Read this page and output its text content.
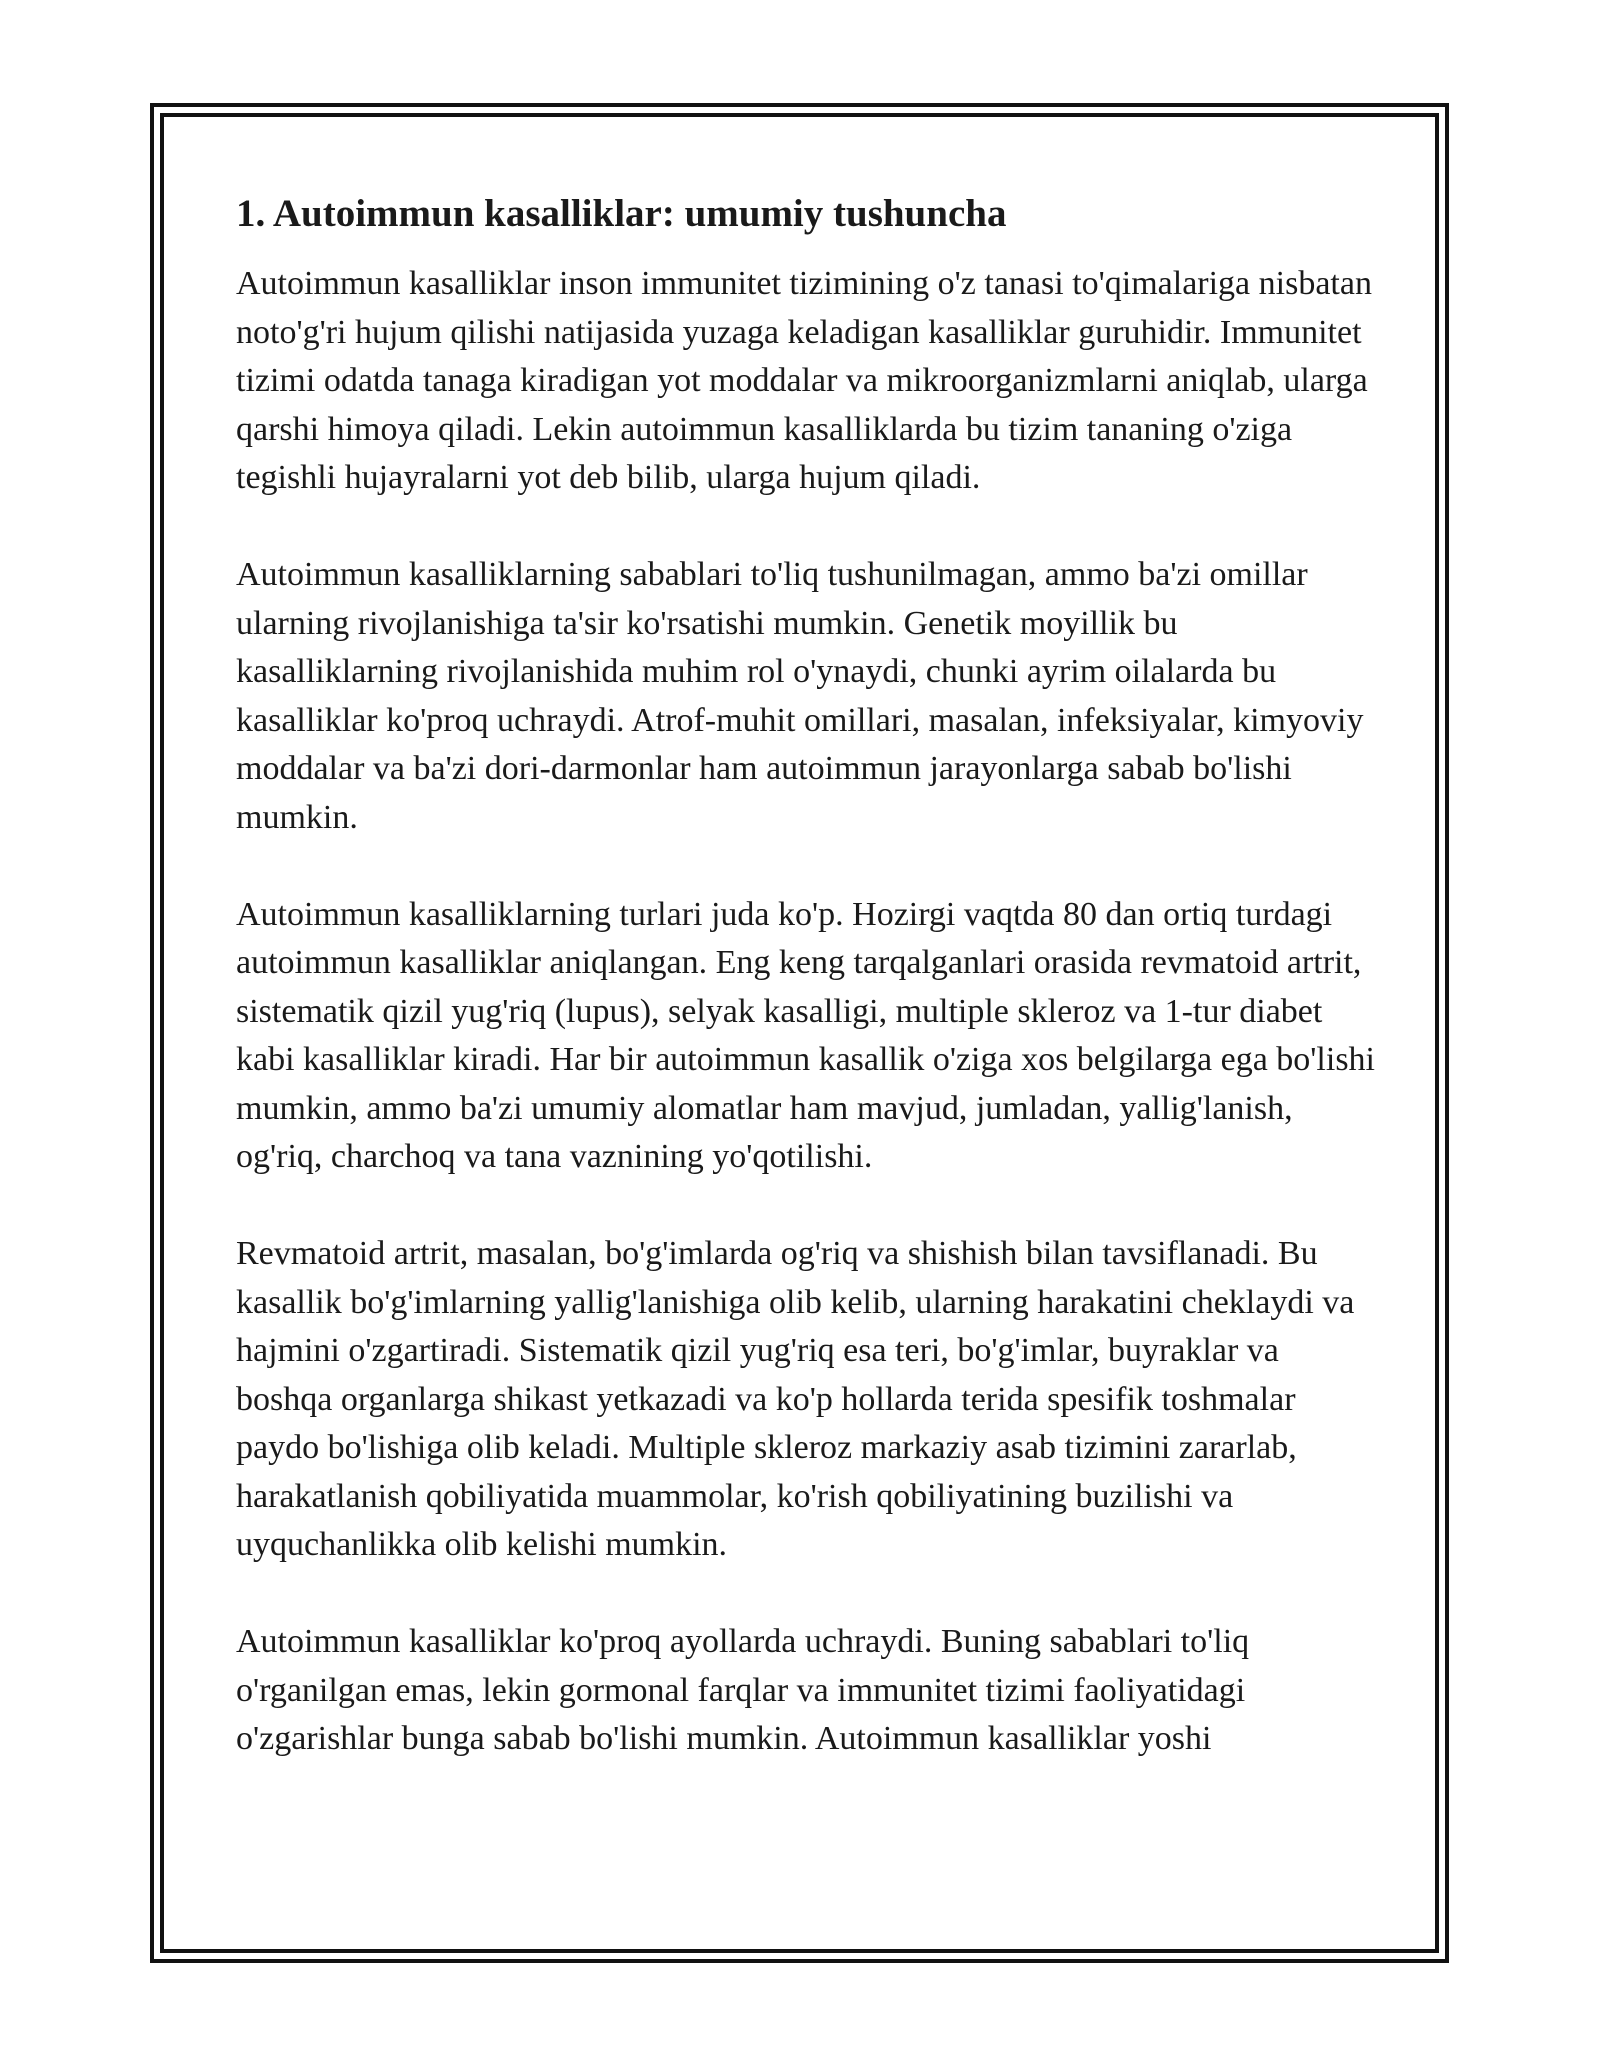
1. Autoimmun kasalliklar: umumiy tushuncha

Autoimmun kasalliklar inson immunitet tizimining o'z tanasi to'qimalariga nisbatan noto'g'ri hujum qilishi natijasida yuzaga keladigan kasalliklar guruhidir. Immunitet tizimi odatda tanaga kiradigan yot moddalar va mikroorganizmlarni aniqlab, ularga qarshi himoya qiladi. Lekin autoimmun kasalliklarda bu tizim tananing o'ziga tegishli hujayralarni yot deb bilib, ularga hujum qiladi.

Autoimmun kasalliklarning sabablari to'liq tushunilmagan, ammo ba'zi omillar ularning rivojlanishiga ta'sir ko'rsatishi mumkin. Genetik moyillik bu kasalliklarning rivojlanishida muhim rol o'ynaydi, chunki ayrim oilalarda bu kasalliklar ko'proq uchraydi. Atrof-muhit omillari, masalan, infeksiyalar, kimyoviy moddalar va ba'zi dori-darmonlar ham autoimmun jarayonlarga sabab bo'lishi mumkin.

Autoimmun kasalliklarning turlari juda ko'p. Hozirgi vaqtda 80 dan ortiq turdagi autoimmun kasalliklar aniqlangan. Eng keng tarqalganlari orasida revmatoid artrit, sistematik qizil yug'riq (lupus), selyak kasalligi, multiple skleroz va 1-tur diabet kabi kasalliklar kiradi. Har bir autoimmun kasallik o'ziga xos belgilarga ega bo'lishi mumkin, ammo ba'zi umumiy alomatlar ham mavjud, jumladan, yallig'lanish, og'riq, charchoq va tana vaznining yo'qotilishi.

Revmatoid artrit, masalan, bo'g'imlarda og'riq va shishish bilan tavsiflanadi. Bu kasallik bo'g'imlarning yallig'lanishiga olib kelib, ularning harakatini cheklaydi va hajmini o'zgartiradi. Sistematik qizil yug'riq esa teri, bo'g'imlar, buyraklar va boshqa organlarga shikast yetkazadi va ko'p hollarda terida spesifik toshmalar paydo bo'lishiga olib keladi. Multiple skleroz markaziy asab tizimini zararlab, harakatlanish qobiliyatida muammolar, ko'rish qobiliyatining buzilishi va uyquchanlikka olib kelishi mumkin.

Autoimmun kasalliklar ko'proq ayollarda uchraydi. Buning sabablari to'liq o'rganilgan emas, lekin gormonal farqlar va immunitet tizimi faoliyatidagi o'zgarishlar bunga sabab bo'lishi mumkin. Autoimmun kasalliklar yoshi
